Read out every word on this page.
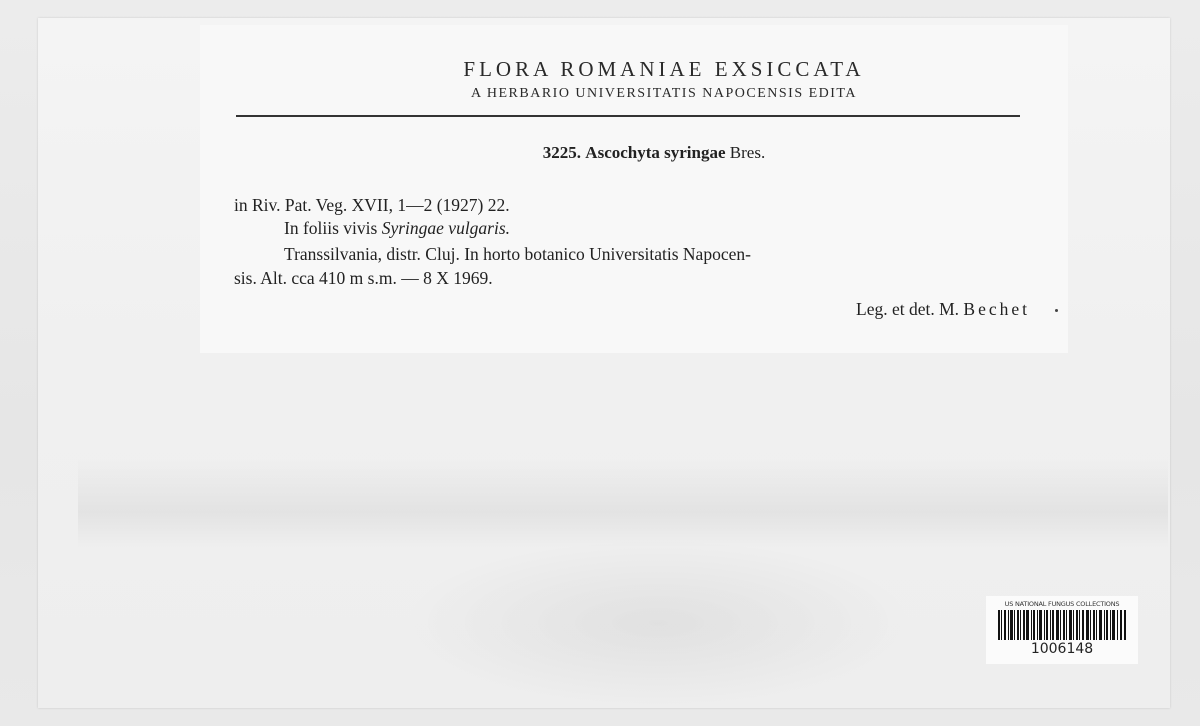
FLORA ROMANIAE EXSICCATA
A HERBARIO UNIVERSITATIS NAPOCENSIS EDITA
3225. Ascochyta syringae Bres.
in Riv. Pat. Veg. XVII, 1—2 (1927) 22.
In foliis vivis Syringae vulgaris.
Transsilvania, distr. Cluj. In horto botanico Universitatis Napocen-
sis. Alt. cca 410 m s.m. — 8 X 1969.
Leg. et det. M. Bechet
US NATIONAL FUNGUS COLLECTIONS
1006148
